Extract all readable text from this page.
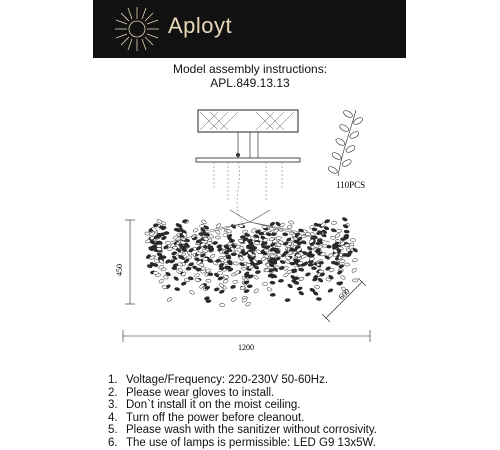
Aployt
Model assembly instructions:
APL.849.13.13
110PCS
450
1200
600
1. Voltage/Frequency: 220-230V 50-60Hz.
2. Please wear gloves to install.
3. Don`t install it on the moist ceiling.
4. Turn off the power before cleanout.
5. Please wash with the sanitizer without corrosivity.
6. The use of lamps is permissible: LED G9 13x5W.
